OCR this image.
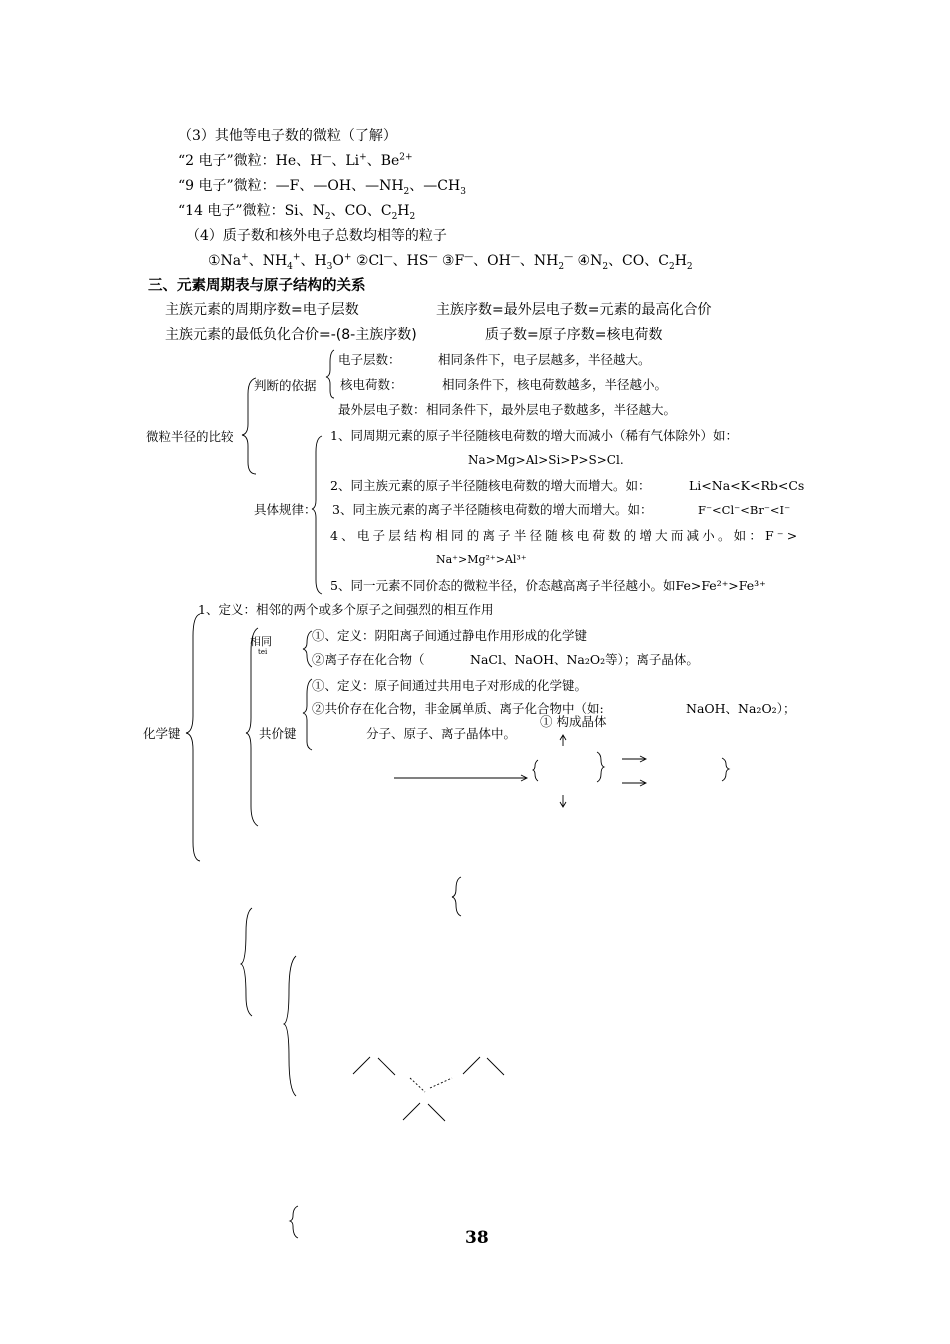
（3）其他等电子数的微粒（了解）
“2 电子”微粒：He、H—、Li+、$Be^{2+}$
“9 电子”微粒：—F、—OH、$—NH_2$、$—CH_3$
“14 电子”微粒：Si、$N_2$、CO、$C_2H_2$
（4）质子数和核外电子总数均相等的粒子
①Na+、$NH_4^+$、$H_3O^+$ ②Cl—、HS— ③F—、OH—、$NH_2^—$ $④N_2$、CO、$C_2H_2$
三、元素周期表与原子结构的关系
主族元素的周期序数=电子层数	主族序数=最外层电子数=元素的最高化合价
主族元素的最低负化合价=-(8-主族序数)	质子数=原子序数=核电荷数
微粒半径的比较
判断的依据
电子层数：	相同条件下，电子层越多，半径越大。
核电荷数：	相同条件下，核电荷数越多，半径越小。
最外层电子数： 相同条件下，最外层电子数越多，半径越大。
具体规律：
1、同周期元素的原子半径随核电荷数的增大而减小（稀有气体除外）如：
Na>Mg>Al>Si>P>S>Cl.
2、同主族元素的原子半径随核电荷数的增大而增大。如：	Li<Na<K<Rb<Cs
3、同主族元素的离子半径随核电荷数的增大而增大。如：	F⁻<Cl⁻<Br⁻<I⁻
4、电子层结构相同的离子半径随核电荷数的增大而减小。如：F⁻>
Na⁺>Mg²⁺>Al³⁺
5、同一元素不同价态的微粒半径，价态越高离子半径越小。如Fe>Fe²⁺>Fe³⁺
化学键
1、定义：相邻的两个或多个原子之间强烈的相互作用
相同
tei
①、定义：阴阳离子间通过静电作用形成的化学键
②离子存在化合物（	NaCl、NaOH、Na₂O₂等）；离子晶体。
①、定义：原子间通过共用电子对形成的化学键。
②共价存在化合物，非金属单质、离子化合物中（如:	NaOH、Na₂O₂）；
分子、原子、离子晶体中。
共价键
① 构成晶体
38
